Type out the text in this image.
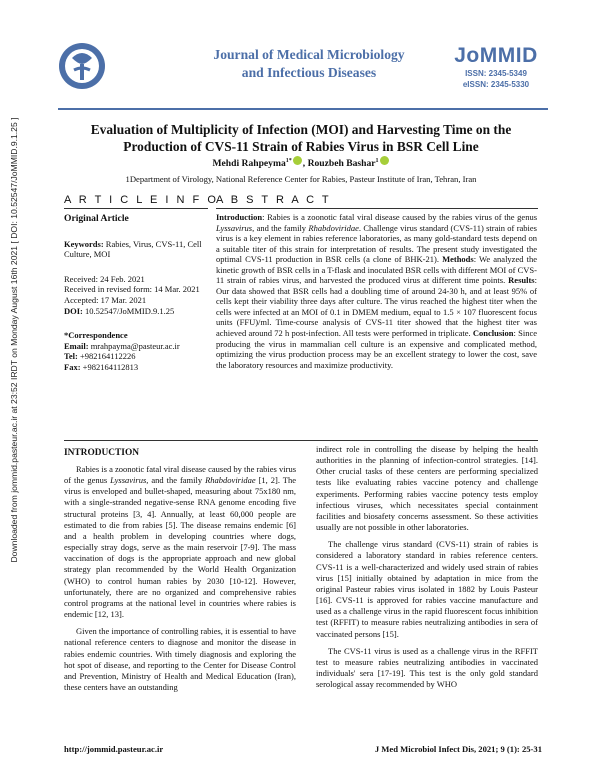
Downloaded from jommid.pasteur.ac.ir at 23:52 IRDT on Monday August 16th 2021 [ DOI: 10.52547/JoMMID.9.1.25 ]
Journal of Medical Microbiology
and Infectious Diseases
JoMMID
ISSN: 2345-5349
eISSN: 2345-5330
Evaluation of Multiplicity of Infection (MOI) and Harvesting Time on the Production of CVS-11 Strain of Rabies Virus in BSR Cell Line
Mehdi Rahpeyma$^{1*}$ , Rouzbeh Bashar$^1$
1Department of Virology, National Reference Center for Rabies, Pasteur Institute of Iran, Tehran, Iran
A R T I C L E I N F O
A B S T R A C T
Original Article
Keywords: Rabies, Virus, CVS-11, Cell Culture, MOI
Received: 24 Feb. 2021
Received in revised form: 14 Mar. 2021
Accepted: 17 Mar. 2021
DOI: 10.52547/JoMMID.9.1.25
*Correspondence
Email: mrahpayma@pasteur.ac.ir
Tel: +982164112226
Fax: +982164112813
Introduction: Rabies is a zoonotic fatal viral disease caused by the rabies virus of the genus Lyssavirus, and the family Rhabdoviridae. Challenge virus standard (CVS-11) strain of rabies virus is a key element in rabies reference laboratories, as many gold-standard tests depend on a suitable titer of this strain for interpretation of results. The present study investigated the optimal CVS-11 production in BSR cells (a clone of BHK-21). Methods: We analyzed the kinetic growth of BSR cells in a T-flask and inoculated BSR cells with different MOI of CVS-11 strain of rabies virus, and harvested the produced virus at different time points. Results: Our data showed that BSR cells had a doubling time of around 24-30 h, and at least 95% of cells kept their viability three days after culture. The virus reached the highest titer when the cells were infected at an MOI of 0.1 in DMEM medium, equal to 1.5 × 107 fluorescent focus units (FFU)/ml. Time-course analysis of CVS-11 titer showed that the highest titer was achieved around 72 h post-infection. All tests were performed in triplicate. Conclusion: Since producing the virus in mammalian cell culture is an expensive and complicated method, optimizing the virus production process may be an excellent strategy to lower the cost, save the laboratory resources and maximize productivity.
INTRODUCTION

Rabies is a zoonotic fatal viral disease caused by the rabies virus of the genus Lyssavirus, and the family Rhabdoviridae [1, 2]. The virus is enveloped and bullet-shaped, measuring about 75x180 nm, with a single-stranded negative-sense RNA genome encoding five structural proteins [3, 4]. Annually, at least 60,000 people are estimated to die from rabies [5]. The disease remains endemic [6] and a health problem in developing countries where dogs, especially stray dogs, serve as the main reservoir [7-9]. The mass vaccination of dogs is the appropriate approach and new global strategy plan recommended by the World Health Organization (WHO) to control human rabies by 2030 [10-12]. However, unfortunately, there are no organized and comprehensive rabies control programs at the national level in countries where rabies is endemic [12, 13].

Given the importance of controlling rabies, it is essential to have national reference centers to diagnose and monitor the disease in rabies endemic countries. With timely diagnosis and exploring the hot spot of disease, and reporting to the Center for Disease Control and Prevention, Ministry of Health and Medical Education (Iran), these centers have an outstanding

indirect role in controlling the disease by helping the health authorities in the planning of infection-control strategies. [14]. Other crucial tasks of these centers are performing specialized tests like evaluating rabies vaccine potency and challenge experiments. Performing rabies vaccine potency tests employ infectious viruses, which necessitates special containment facilities and biosafety concerns assessment. So these activities usually are not possible in other laboratories.

The challenge virus standard (CVS-11) strain of rabies is considered a laboratory standard in rabies reference centers. CVS-11 is a well-characterized and widely used strain of rabies virus [15] initially obtained by adaptation in mice from the original Pasteur rabies virus isolated in 1882 by Louis Pasteur [16]. CVS-11 is approved for rabies vaccine manufacture and used as a challenge virus in the rapid fluorescent focus inhibition test (RFFIT) to measure rabies neutralizing antibodies in sera of vaccinated persons [15].

The CVS-11 virus is used as a challenge virus in the RFFIT test to measure rabies neutralizing antibodies in vaccinated individuals' sera [17-19]. This test is the only gold standard serological assay recommended by WHO

http://jommid.pasteur.ac.ir	J Med Microbiol Infect Dis, 2021; 9 (1): 25-31
